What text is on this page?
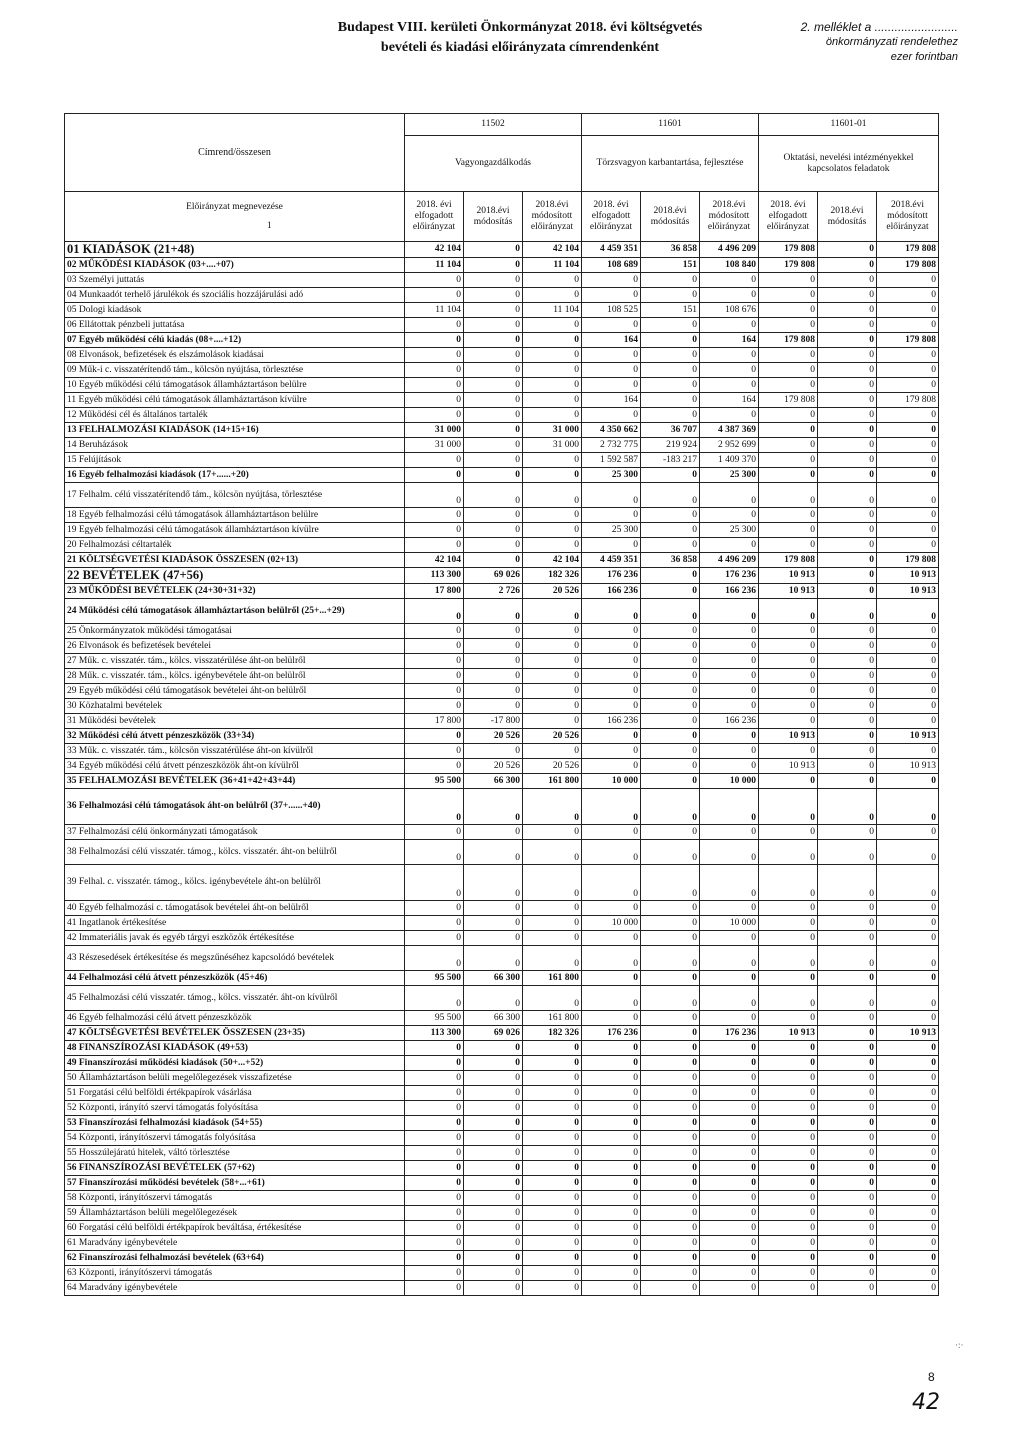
Budapest VIII. kerületi Önkormányzat 2018. évi költségvetés
bevételi és kiadási előirányzata címrendenként
2. melléklet a .........................
önkormányzati rendelethez
ezer forintban
Címrend/összesen	11502			11601			11601-01		
	Vagyongazdálkodás			Törzsvagyon karbantartása, fejlesztése			Oktatási, nevelési intézményekkel kapcsolatos feladatok		

Előirányzat megnevezése
1	2018. évi elfogadott előirányzat	2018.évi módosítás	2018.évi módosított előirányzat	2018. évi elfogadott előirányzat	2018.évi módosítás	2018.évi módosított előirányzat	2018. évi elfogadott előirányzat	2018.évi módosítás	2018.évi módosított előirányzat
01 KIADÁSOK (21+48)	42 104	0	42 104	4 459 351	36 858	4 496 209	179 808	0	179 808
02 MŰKÖDÉSI KIADÁSOK (03+....+07)	11 104	0	11 104	108 689	151	108 840	179 808	0	179 808
03 Személyi juttatás	0	0	0	0	0	0	0	0	0
04 Munkaadót terhelő járulékok és szociális hozzájárulási adó	0	0	0	0	0	0	0	0	0
05 Dologi kiadások	11 104	0	11 104	108 525	151	108 676	0	0	0
06 Ellátottak pénzbeli juttatása	0	0	0	0	0	0	0	0	0
07 Egyéb működési célú kiadás (08+....+12)	0	0	0	164	0	164	179 808	0	179 808
08 Elvonások, befizetések és elszámolások kiadásai	0	0	0	0	0	0	0	0	0
09 Műk-i c. visszatérítendő tám., kölcsön nyújtása, törlesztése	0	0	0	0	0	0	0	0	0
10 Egyéb működési célú támogatások államháztartáson belülre	0	0	0	0	0	0	0	0	0
11 Egyéb működési célú támogatások államháztartáson kívülre	0	0	0	164	0	164	179 808	0	179 808
12 Működési cél és általános tartalék	0	0	0	0	0	0	0	0	0
13 FELHALMOZÁSI KIADÁSOK (14+15+16)	31 000	0	31 000	4 350 662	36 707	4 387 369	0	0	0
14 Beruházások	31 000	0	31 000	2 732 775	219 924	2 952 699	0	0	0
15 Felújítások	0	0	0	1 592 587	-183 217	1 409 370	0	0	0
16 Egyéb felhalmozási kiadások (17+......+20)	0	0	0	25 300	0	25 300	0	0	0
17 Felhalm. célú visszatérítendő tám., kölcsön nyújtása, törlesztése	0	0	0	0	0	0	0	0	0
18 Egyéb felhalmozási célú támogatások államháztartáson belülre	0	0	0	0	0	0	0	0	0
19 Egyéb felhalmozási célú támogatások államháztartáson kívülre	0	0	0	25 300	0	25 300	0	0	0
20 Felhalmozási céltartalék	0	0	0	0	0	0	0	0	0
21 KÖLTSÉGVETÉSI KIADÁSOK ÖSSZESEN (02+13)	42 104	0	42 104	4 459 351	36 858	4 496 209	179 808	0	179 808
22 BEVÉTELEK (47+56)	113 300	69 026	182 326	176 236	0	176 236	10 913	0	10 913
23 MŰKÖDÉSI BEVÉTELEK (24+30+31+32)	17 800	2 726	20 526	166 236	0	166 236	10 913	0	10 913
24 Működési célú támogatások államháztartáson belülről (25+...+29)	0	0	0	0	0	0	0	0	0
25 Önkormányzatok működési támogatásai	0	0	0	0	0	0	0	0	0
26 Elvonások és befizetések bevételei	0	0	0	0	0	0	0	0	0
27 Műk. c. visszatér. tám., kölcs. visszatérülése áht-on belülről	0	0	0	0	0	0	0	0	0
28 Műk. c. visszatér. tám., kölcs. igénybevétele áht-on belülről	0	0	0	0	0	0	0	0	0
29 Egyéb működési célú támogatások bevételei áht-on belülről	0	0	0	0	0	0	0	0	0
30 Közhatalmi bevételek	0	0	0	0	0	0	0	0	0
31 Működési bevételek	17 800	-17 800	0	166 236	0	166 236	0	0	0
32 Működési célú átvett pénzeszközök (33+34)	0	20 526	20 526	0	0	0	10 913	0	10 913
33 Műk. c. visszatér. tám., kölcsön visszatérülése áht-on kívülről	0	0	0	0	0	0	0	0	0
34 Egyéb működési célú átvett pénzeszközök áht-on kívülről	0	20 526	20 526	0	0	0	10 913	0	10 913
35 FELHALMOZÁSI BEVÉTELEK (36+41+42+43+44)	95 500	66 300	161 800	10 000	0	10 000	0	0	0
36 Felhalmozási célú támogatások áht-on belülről (37+......+40)	0	0	0	0	0	0	0	0	0
37 Felhalmozási célú önkormányzati támogatások	0	0	0	0	0	0	0	0	0
38 Felhalmozási célú visszatér. támog., kölcs. visszatér. áht-on belülről	0	0	0	0	0	0	0	0	0
39 Felhal. c. visszatér. támog., kölcs. igénybevétele áht-on belülről	0	0	0	0	0	0	0	0	0
40 Egyéb felhalmozási c. támogatások bevételei áht-on belülről	0	0	0	0	0	0	0	0	0
41 Ingatlanok értékesítése	0	0	0	10 000	0	10 000	0	0	0
42 Immateriális javak és egyéb tárgyi eszközök értékesítése	0	0	0	0	0	0	0	0	0
43 Részesedések értékesítése és megszűnéséhez kapcsolódó bevételek	0	0	0	0	0	0	0	0	0
44 Felhalmozási célú átvett pénzeszközök (45+46)	95 500	66 300	161 800	0	0	0	0	0	0
45 Felhalmozási célú visszatér. támog., kölcs. visszatér. áht-on kívülről	0	0	0	0	0	0	0	0	0
46 Egyéb felhalmozási célú átvett pénzeszközök	95 500	66 300	161 800	0	0	0	0	0	0
47 KÖLTSÉGVETÉSI BEVÉTELEK ÖSSZESEN (23+35)	113 300	69 026	182 326	176 236	0	176 236	10 913	0	10 913
48 FINANSZÍROZÁSI KIADÁSOK (49+53)	0	0	0	0	0	0	0	0	0
49 Finanszírozási működési kiadások (50+...+52)	0	0	0	0	0	0	0	0	0
50 Államháztartáson belüli megelőlegezések visszafizetése	0	0	0	0	0	0	0	0	0
51 Forgatási célú belföldi értékpapírok vásárlása	0	0	0	0	0	0	0	0	0
52 Központi, irányító szervi támogatás folyósítása	0	0	0	0	0	0	0	0	0
53 Finanszírozási felhalmozási kiadások (54+55)	0	0	0	0	0	0	0	0	0
54 Központi, irányítószervi támogatás folyósítása	0	0	0	0	0	0	0	0	0
55 Hosszúlejáratú hitelek, váltó törlesztése	0	0	0	0	0	0	0	0	0
56 FINANSZÍROZÁSI BEVÉTELEK (57+62)	0	0	0	0	0	0	0	0	0
57 Finanszírozási működési bevételek (58+...+61)	0	0	0	0	0	0	0	0	0
58 Központi, irányítószervi támogatás	0	0	0	0	0	0	0	0	0
59 Államháztartáson belüli megelőlegezések	0	0	0	0	0	0	0	0	0
60 Forgatási célú belföldi értékpapírok beváltása, értékesítése	0	0	0	0	0	0	0	0	0
61 Maradvány igénybevétele	0	0	0	0	0	0	0	0	0
62 Finanszírozási felhalmozási bevételek (63+64)	0	0	0	0	0	0	0	0	0
63 Központi, irányítószervi támogatás	0	0	0	0	0	0	0	0	0
64 Maradvány igénybevétele	0	0	0	0	0	0	0	0	0
·:·
8
42
